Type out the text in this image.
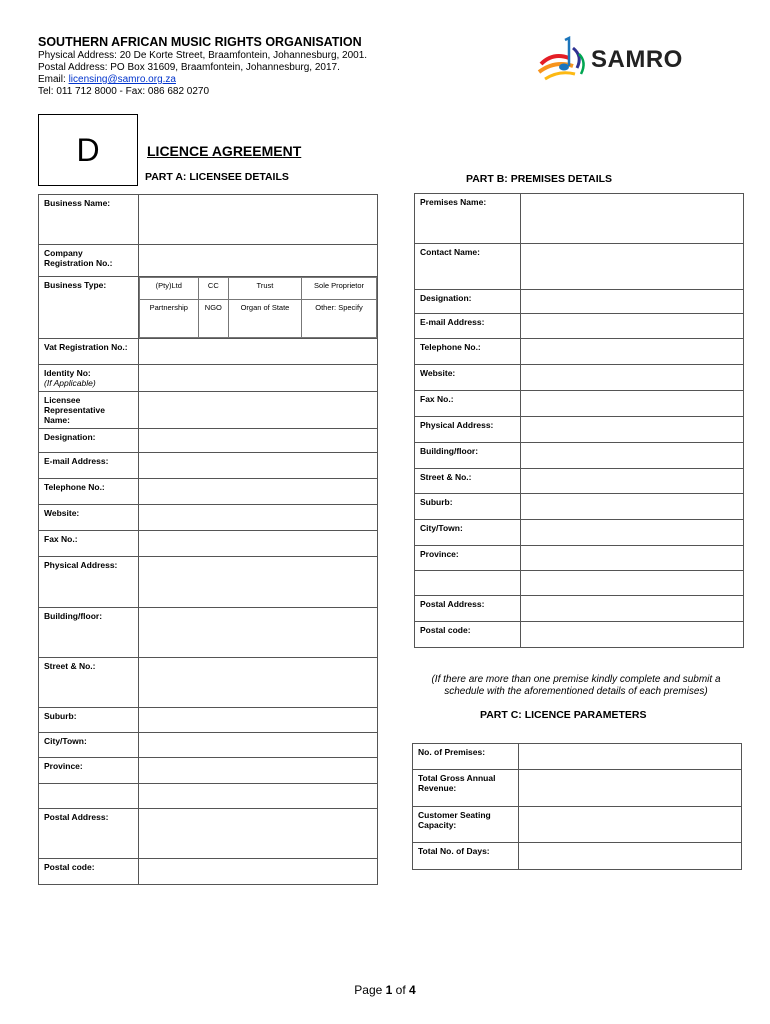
SOUTHERN AFRICAN MUSIC RIGHTS ORGANISATION
Physical Address: 20 De Korte Street, Braamfontein, Johannesburg, 2001.
Postal Address: PO Box 31609, Braamfontein, Johannesburg, 2017.
Email: licensing@samro.org.za
Tel: 011 712 8000 - Fax: 086 682 0270
SAMRO
D	LICENCE AGREEMENT
PART A: LICENSEE DETAILS	PART B: PREMISES DETAILS
Business Name:	
Company Registration No.:	
Business Type:		(Pty)Ltd	CC	Trust	Sole Proprietor
Partnership	NGO	Organ of State	Other: Specify

Vat Registration No.:	
Identity No:
(If Applicable)	
Licensee Representative Name:	
Designation:	
E-mail Address:	
Telephone No.:	
Website:	
Fax No.:	
Physical Address:	
Building/floor:	
Street & No.:	
Suburb:	
City/Town:	
Province:	

Postal Address:	
Postal code:	
Premises Name:	
Contact Name:	
Designation:	
E-mail Address:	
Telephone No.:	
Website:	
Fax No.:	
Physical Address:	
Building/floor:	
Street & No.:	
Suburb:	
City/Town:	
Province:	

Postal Address:	
Postal code:	
(If there are more than one premise kindly complete and submit a schedule with the aforementioned details of each premises)
PART C: LICENCE PARAMETERS
No. of Premises:	
Total Gross Annual Revenue:	
Customer Seating Capacity:	
Total No. of Days:	
Page 1 of 4
